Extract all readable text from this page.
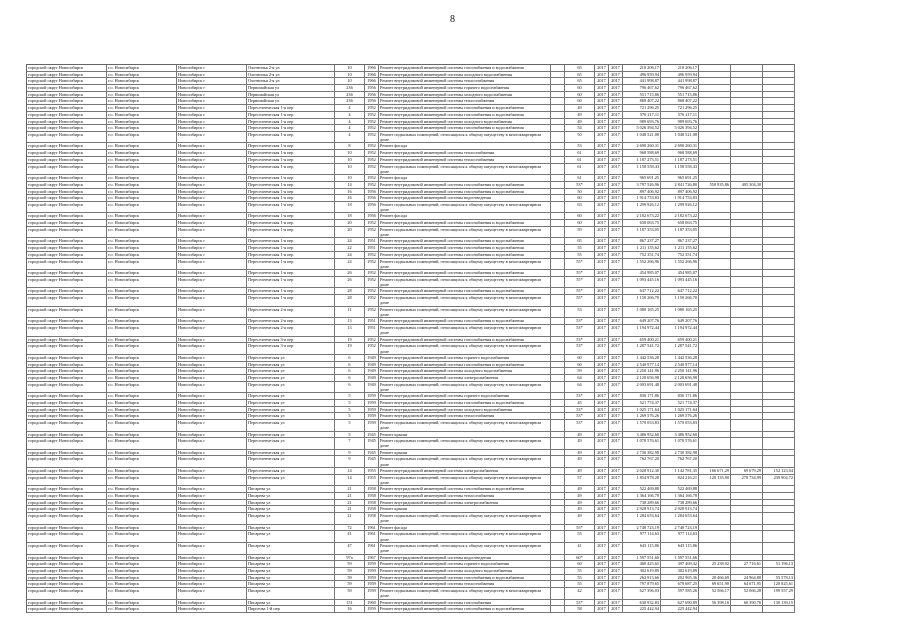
8
городской округ Новосибирск	г.о. Новосибирск	Новосибирск г	Охотничья 2-я ул	10	1966 Ремонт внутридомовой инженерной системы газоснабжения и водоснабжения	65	2017	2017	218 206,17	218 206,17
городской округ Новосибирск	г.о. Новосибирск	Новосибирск г	Охотничья 2-я ул	10	1966 Ремонт внутридомовой инженерной системы холодного водоснабжения	65	2017	2017	496 959,94	496 959,94
городской округ Новосибирск	г.о. Новосибирск	Новосибирск г	Охотничья 2-я ул	10	1966 Ремонт внутридомовой инженерной системы теплоснабжения	65	2017	2017	441 998,87	441 998,87
городской округ Новосибирск	г.о. Новосибирск	Новосибирск г	Первомайская ул	236	1956 Ремонт внутридомовой инженерной системы горячего водоснабжения	60	2017	2017	796 467,62	796 467,62
городской округ Новосибирск	г.о. Новосибирск	Новосибирск г	Первомайская ул	236	1956 Ремонт внутридомовой инженерной системы холодного водоснабжения	60	2017	2017	551 715,86	551 715,86
городской округ Новосибирск	г.о. Новосибирск	Новосибирск г	Первомайская ул	236	1956 Ремонт внутридомовой инженерной системы теплоснабжения	60	2017	2017	868 407,22	868 407,22
городской округ Новосибирск	г.о. Новосибирск	Новосибирск г	Переселенческая 1-я пер	4	1952 Ремонт внутридомовой инженерной системы газоснабжения и водоснабжения	49	2017	2017	721 296,25	721 296,25
городской округ Новосибирск	г.о. Новосибирск	Новосибирск г	Переселенческая 1-я пер	4	1952 Ремонт внутридомовой инженерной системы газоснабжения и водоснабжения	49	2017	2017	576 217,11	576 217,11
городской округ Новосибирск	г.о. Новосибирск	Новосибирск г	Переселенческая 1-я пер	4	1952 Ремонт внутридомовой инженерной системы холодного водоснабжения	49	2017	2017	989 693,76	989 693,76
городской округ Новосибирск	г.о. Новосибирск	Новосибирск г	Переселенческая 1-я пер	4	1952 Ремонт внутридомовой инженерной системы газоснабжения и водоснабжения	54	2017	2017	5 026 394,52	5 026 394,52
городской округ Новосибирск	г.о. Новосибирск	Новосибирск г	Переселенческая 1-я пер	4	1952 Ремонт подвальных помещений, относящихся к общему имуществу в многоквартирном доме
50	2017	2017	1 048 521,08	1 048 521,08
городской округ Новосибирск	г.о. Новосибирск	Новосибирск г	Переселенческая 1-я пер	8	1952 Ремонт фасада	53	2017	2017	2 690 260,31	2 690 260,31
городской округ Новосибирск	г.о. Новосибирск	Новосибирск г	Переселенческая 1-я пер	10	1952 Ремонт внутридомовой инженерной системы теплоснабжения	61	2017	2017	968 588,69	968 588,69
городской округ Новосибирск	г.о. Новосибирск	Новосибирск г	Переселенческая 1-я пер	10	1952 Ремонт внутридомовой инженерной системы теплоснабжения	61	2017	2017	1 187 273,51	1 187 273,51
городской округ Новосибирск	г.о. Новосибирск	Новосибирск г	Переселенческая 1-я пер	10	1952 Ремонт подвальных помещений, относящихся к общему имуществу в многоквартирном доме
61	2017	2017	1 158 558,43	1 158 558,43
городской округ Новосибирск	г.о. Новосибирск	Новосибирск г	Переселенческая 1-я пер	10	1952 Ремонт фасада	61	2017	2017	965 691,25	965 691,25
городской округ Новосибирск	г.о. Новосибирск	Новосибирск г	Переселенческая 1-я пер	14	1952 Ремонт внутридомовой инженерной системы газоснабжения и водоснабжения	53*	2017	2017	3 797 526,96	2 841 726,80	550 935,86	405 304,30
городской округ Новосибирск	г.о. Новосибирск	Новосибирск г	Переселенческая 1-я пер	16	1956 Ремонт внутридомовой инженерной системы газоснабжения и водоснабжения	50	2017	2017	897 406,92	897 406,92
городской округ Новосибирск	г.о. Новосибирск	Новосибирск г	Переселенческая 1-я пер	16	1956 Ремонт внутридомовой инженерной системы водоотведения	60	2017	2017	1 914 753,83	1 914 753,83
городской округ Новосибирск	г.о. Новосибирск	Новосибирск г	Переселенческая 1-я пер	18	1956 Ремонт подвальных помещений, относящихся к общему имуществу в многоквартирном доме
63	2017	2017	1 299 926,12	1 299 926,12
городской округ Новосибирск	г.о. Новосибирск	Новосибирск г	Переселенческая 1-я пер	18	1956 Ремонт фасада	60	2017	2017	2 182 673,22	2 182 673,22
городской округ Новосибирск	г.о. Новосибирск	Новосибирск г	Переселенческая 1-я пер	20	1952 Ремонт внутридомовой инженерной системы газоснабжения и водоснабжения	60	2017	2017	658 063,75	658 063,75
городской округ Новосибирск	г.о. Новосибирск	Новосибирск г	Переселенческая 1-я пер	20	1952 Ремонт подвальных помещений, относящихся к общему имуществу в многоквартирном доме
59	2017	2017	1 187 353,05	1 187 353,05
городской округ Новосибирск	г.о. Новосибирск	Новосибирск г	Переселенческая 1-я пер	24	1951 Ремонт внутридомовой инженерной системы газоснабжения и водоснабжения	65	2017	2017	867 237,27	867 237,27
городской округ Новосибирск	г.о. Новосибирск	Новосибирск г	Переселенческая 1-я пер	22	1951 Ремонт внутридомовой инженерной системы газоснабжения и водоснабжения	55	2017	2017	1 211 155,62	1 211 155,62
городской округ Новосибирск	г.о. Новосибирск	Новосибирск г	Переселенческая 1-я пер	24	1952 Ремонт внутридомовой инженерной системы газоснабжения и водоснабжения	55	2017	2017	752 351,74	752 351,74
городской округ Новосибирск	г.о. Новосибирск	Новосибирск г	Переселенческая 1-я пер	24	1952 Ремонт подвальных помещений, относящихся к общему имуществу в многоквартирном доме
55*	2017	2017	1 552 266,96	1 552 266,96
городской округ Новосибирск	г.о. Новосибирск	Новосибирск г	Переселенческая 1-я пер	26	1952 Ремонт внутридомовой инженерной системы газоснабжения и водоснабжения	55*	2017	2017	454 985,07	454 985,07
городской округ Новосибирск	г.о. Новосибирск	Новосибирск г	Переселенческая 1-я пер	26	1952 Ремонт подвальных помещений, относящихся к общему имуществу в многоквартирном доме
55*	2017	2017	1 093 445,16	1 093 445,16
городской округ Новосибирск	г.о. Новосибирск	Новосибирск г	Переселенческая 1-я пер	28	1952 Ремонт внутридомовой инженерной системы газоснабжения и водоснабжения	55*	2017	2017	647 712,22	647 712,22
городской округ Новосибирск	г.о. Новосибирск	Новосибирск г	Переселенческая 1-я пер	28	1952 Ремонт подвальных помещений, относящихся к общему имуществу в многоквартирном доме
55*	2017	2017	1 150 266,70	1 150 266,70
городской округ Новосибирск	г.о. Новосибирск	Новосибирск г	Переселенческая 2-я пер	11	1952 Ремонт подвальных помещений, относящихся к общему имуществу в многоквартирном доме
53	2017	2017	1 080 165,25	1 080 165,25
городской округ Новосибирск	г.о. Новосибирск	Новосибирск г	Переселенческая 2-я пер	13	1951 Ремонт внутридомовой инженерной системы газоснабжения и водоснабжения	53*	2017	2017	649 207,76	649 207,76
городской округ Новосибирск	г.о. Новосибирск	Новосибирск г	Переселенческая 2-я пер	13	1951 Ремонт подвальных помещений, относящихся к общему имуществу в многоквартирном доме
53*	2017	2017	1 194 972,44	1 194 972,44
городской округ Новосибирск	г.о. Новосибирск	Новосибирск г	Переселенческая 3-я пер	19	1952 Ремонт внутридомовой инженерной системы газоснабжения и водоснабжения	53*	2017	2017	659 400,21	659 400,21
городской округ Новосибирск	г.о. Новосибирск	Новосибирск г	Переселенческая 3-я пер	19	1952 Ремонт подвальных помещений, относящихся к общему имуществу в многоквартирном доме
53*	2017	2017	1 287 541,72	1 287 541,72
городской округ Новосибирск	г.о. Новосибирск	Новосибирск г	Переселенческая ул	6	1949 Ремонт внутридомовой инженерной системы горячего водоснабжения	60	2017	2017	1 442 536,28	1 442 536,28
городской округ Новосибирск	г.о. Новосибирск	Новосибирск г	Переселенческая ул	6	1949 Ремонт внутридомовой инженерной системы газоснабжения и водоснабжения	60	2017	2017	2 540 977,14	2 540 977,14
городской округ Новосибирск	г.о. Новосибирск	Новосибирск г	Переселенческая ул	6	1949 Ремонт внутридомовой инженерной системы холодного водоснабжения	59	2017	2017	2 250 141,96	2 250 141,96
городской округ Новосибирск	г.о. Новосибирск	Новосибирск г	Переселенческая ул	6	1949 Ремонт внутридомовой инженерной системы электроснабжения	64	2017	2017	2 120 656,98	2 120 656,98
городской округ Новосибирск	г.о. Новосибирск	Новосибирск г	Переселенческая ул	6	1949 Ремонт подвальных помещений, относящихся к общему имуществу в многоквартирном доме
64	2017	2017	2 003 691,48	2 003 691,48
городской округ Новосибирск	г.о. Новосибирск	Новосибирск г	Переселенческая ул	5	1959 Ремонт внутридомовой инженерной системы горячего водоснабжения	53*	2017	2017	836 171,86	836 171,86
городской округ Новосибирск	г.о. Новосибирск	Новосибирск г	Переселенческая ул	5	1959 Ремонт внутридомовой инженерной системы газоснабжения и водоснабжения	45	2017	2017	521 774,37	521 774,37
городской округ Новосибирск	г.о. Новосибирск	Новосибирск г	Переселенческая ул	5	1959 Ремонт внутридомовой инженерной системы холодного водоснабжения	53*	2017	2017	1 025 171,64	1 025 171,64
городской округ Новосибирск	г.о. Новосибирск	Новосибирск г	Переселенческая ул	5	1959 Ремонт внутридомовой инженерной системы теплоснабжения	53*	2017	2017	1 269 576,26	1 269 576,26
городской округ Новосибирск	г.о. Новосибирск	Новосибирск г	Переселенческая ул	5	1959 Ремонт подвальных помещений, относящихся к общему имуществу в многоквартирном доме
53*	2017	2017	1 570 053,83	1 570 053,83
городской округ Новосибирск	г.о. Новосибирск	Новосибирск г	Переселенческая ул	5	1945 Ремонт крыши	49	2017	2017	3 486 952,60	3 486 952,60
городской округ Новосибирск	г.о. Новосибирск	Новосибирск г	Переселенческая ул	7	1945 Ремонт подвальных помещений, относящихся к общему имуществу в многоквартирном доме
49	2017	2017	1 078 576,61	1 078 576,61
городской округ Новосибирск	г.о. Новосибирск	Новосибирск г	Переселенческая ул	9	1945 Ремонт крыши	49	2017	2017	2 730 382,98	2 730 382,98
городской округ Новосибирск	г.о. Новосибирск	Новосибирск г	Переселенческая ул	9	1945 Ремонт подвальных помещений, относящихся к общему имуществу в многоквартирном доме
49	2017	2017	762 767,20	762 767,20
городской округ Новосибирск	г.о. Новосибирск	Новосибирск г	Переселенческая ул	14	1955 Ремонт внутридомовой инженерной системы электроснабжения	49	2017	2017	2 020 912,30	1 142 781,35	166 671,29	69 679,29	152 123,04
городской округ Новосибирск	г.о. Новосибирск	Новосибирск г	Переселенческая ул	14	1955 Ремонт подвальных помещений, относящихся к общему имуществу в многоквартирном доме
57	2017	2017	1 854 978,28	824 216,21	120 135,90	278 734,99	239 904,72
городской округ Новосибирск	г.о. Новосибирск	Новосибирск г	Писарева ул	21	1958 Ремонт внутридомовой инженерной системы газоснабжения и водоснабжения	49	2017	2017	522 469,88	522 469,88
городской округ Новосибирск	г.о. Новосибирск	Новосибирск г	Писарева ул	21	1958 Ремонт внутридомовой инженерной системы теплоснабжения	49	2017	2017	1 364 166,78	1 364 166,78
городской округ Новосибирск	г.о. Новосибирск	Новосибирск г	Писарева ул	21	1958 Ремонт внутридомовой инженерной системы электроснабжения	49	2017	2017	738 289,66	738 289,66
городской округ Новосибирск	г.о. Новосибирск	Новосибирск г	Писарева ул	21	1958 Ремонт крыши	49	2017	2017	2 928 913,74	2 928 913,74
городской округ Новосибирск	г.о. Новосибирск	Новосибирск г	Писарева ул	21	1958 Ремонт подвальных помещений, относящихся к общему имуществу в многоквартирном доме
49	2017	2017	1 284 653,64	1 284 653,64
городской округ Новосибирск	г.о. Новосибирск	Новосибирск г	Писарева ул	72	1961 Ремонт фасада	55*	2017	2017	2 748 723,19	2 748 723,19
городской округ Новосибирск	г.о. Новосибирск	Новосибирск г	Писарева ул	41	1961 Ремонт подвальных помещений, относящихся к общему имуществу в многоквартирном доме
55	2017	2017	977 114,63	977 114,63
городской округ Новосибирск	г.о. Новосибирск	Новосибирск г	Писарева ул	47	1961 Ремонт подвальных помещений, относящихся к общему имуществу в многоквартирном доме
41	2017	2017	643 115,86	643 115,86
городской округ Новосибирск	г.о. Новосибирск	Новосибирск г	Писарева ул	97а	1967 Ремонт внутридомовой инженерной системы водоотведения	60*	2017	2017	1 597 551,66	1 597 551,66
городской округ Новосибирск	г.о. Новосибирск	Новосибирск г	Писарева ул	59	1959 Ремонт внутридомовой инженерной системы горячего водоснабжения	60	2017	2017	460 425,65	397 469,42	25 238,92	27 716,61	51 196,13
городской округ Новосибирск	г.о. Новосибирск	Новосибирск г	Писарева ул	59	1959 Ремонт внутридомовой инженерной системы холодного водоснабжения	55	2017	2017	302 619,89	302 619,89
городской округ Новосибирск	г.о. Новосибирск	Новосибирск г	Писарева ул	59	1959 Ремонт внутридомовой инженерной системы газоснабжения и водоснабжения	55	2017	2017	262 913,66	202 965,36	20 466,69	24 964,80	55 578,13
городской округ Новосибирск	г.о. Новосибирск	Новосибирск г	Писарева ул	59	1959 Ремонт внутридомовой инженерной системы теплоснабжения	55	2017	2017	797 879,65	679 687,25	69 651,90	64 671,95	120 825,61
городской округ Новосибирск	г.о. Новосибирск	Новосибирск г	Писарева ул	59	1959 Ремонт подвальных помещений, относящихся к общему имуществу в многоквартирном доме
42	2017	2017	627 396,03	597 585,26	52 566,17	52 066,28	199 557,29
городской округ Новосибирск	г.о. Новосибирск	Новосибирск г	Писарева ул	151	1960 Ремонт внутридомовой инженерной системы газоснабжения	53*	2017	2017	630 932,83	627 690,89	56 398,16	60 390,76	130 139,15
городской округ Новосибирск	г.о. Новосибирск	Новосибирск г	Пирогова 1-й пер	16	1959 Ремонт внутридомовой инженерной системы газоснабжения и водоснабжения	58	2017	2017	225 442,94	225 442,94
